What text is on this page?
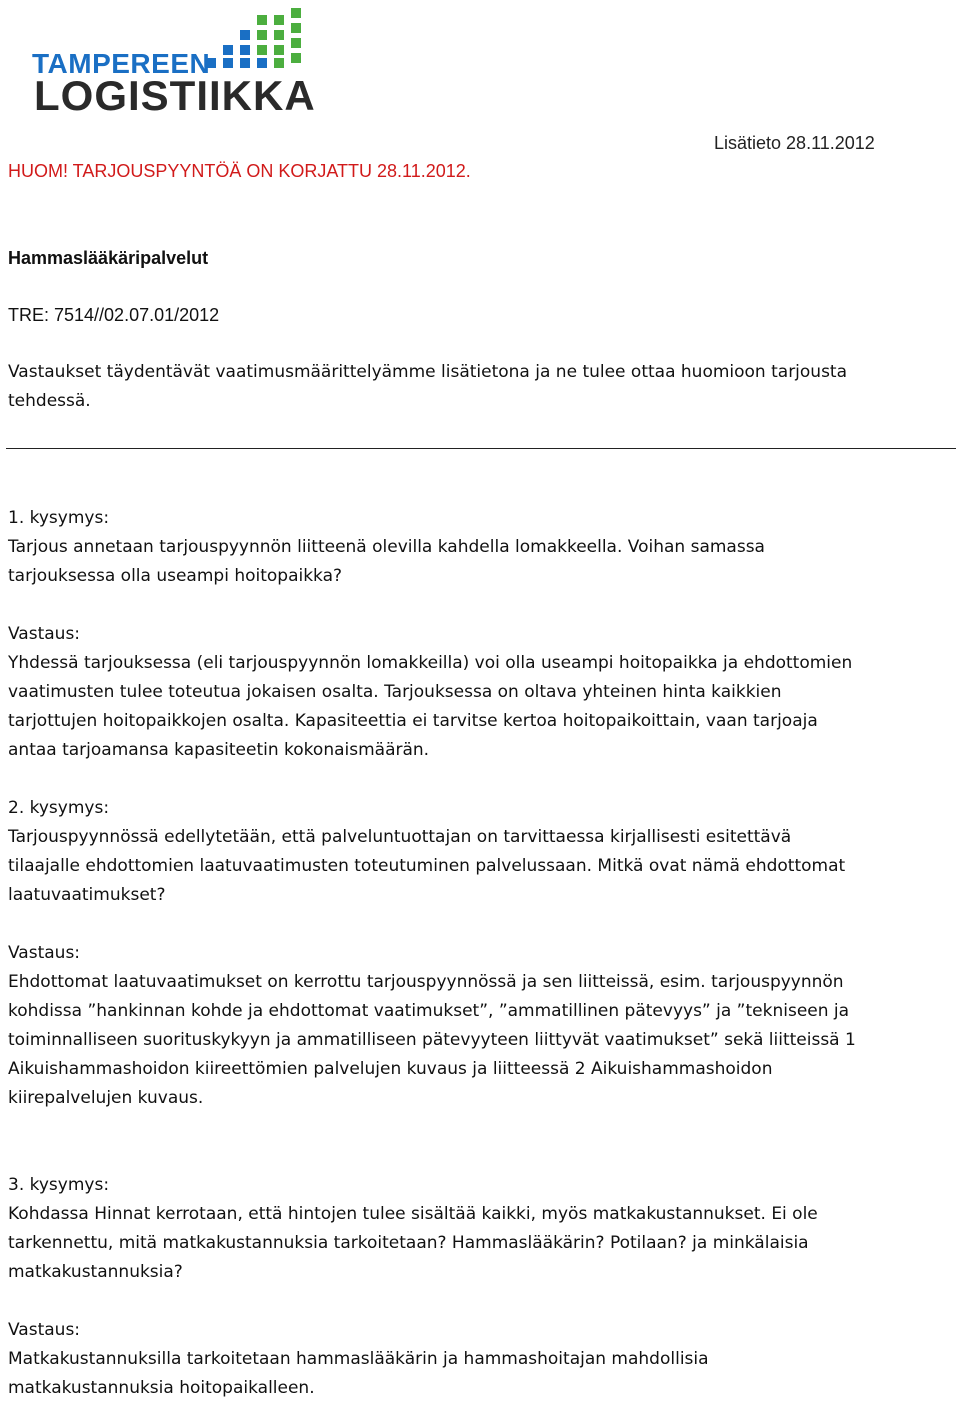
TAMPEREEN
LOGISTIIKKA
Lisätieto 28.11.2012
HUOM! TARJOUSPYYNTÖÄ ON KORJATTU 28.11.2012.
Hammaslääkäripalvelut
TRE: 7514//02.07.01/2012
Vastaukset täydentävät vaatimusmäärittelyämme lisätietona ja ne tulee ottaa huomioon tarjousta
tehdessä.
1. kysymys:
Tarjous annetaan tarjouspyynnön liitteenä olevilla kahdella lomakkeella. Voihan samassa
tarjouksessa olla useampi hoitopaikka?
Vastaus:
Yhdessä tarjouksessa (eli tarjouspyynnön lomakkeilla) voi olla useampi hoitopaikka ja ehdottomien
vaatimusten tulee toteutua jokaisen osalta. Tarjouksessa on oltava yhteinen hinta kaikkien
tarjottujen hoitopaikkojen osalta. Kapasiteettia ei tarvitse kertoa hoitopaikoittain, vaan tarjoaja
antaa tarjoamansa kapasiteetin kokonaismäärän.
2. kysymys:
Tarjouspyynnössä edellytetään, että palveluntuottajan on tarvittaessa kirjallisesti esitettävä
tilaajalle ehdottomien laatuvaatimusten toteutuminen palvelussaan. Mitkä ovat nämä ehdottomat
laatuvaatimukset?
Vastaus:
Ehdottomat laatuvaatimukset on kerrottu tarjouspyynnössä ja sen liitteissä, esim. tarjouspyynnön
kohdissa ”hankinnan kohde ja ehdottomat vaatimukset”, ”ammatillinen pätevyys” ja ”tekniseen ja
toiminnalliseen suorituskykyyn ja ammatilliseen pätevyyteen liittyvät vaatimukset” sekä liitteissä 1
Aikuishammashoidon kiireettömien palvelujen kuvaus ja liitteessä 2 Aikuishammashoidon
kiirepalvelujen kuvaus.
3. kysymys:
Kohdassa Hinnat kerrotaan, että hintojen tulee sisältää kaikki, myös matkakustannukset. Ei ole
tarkennettu, mitä matkakustannuksia tarkoitetaan? Hammaslääkärin? Potilaan? ja minkälaisia
matkakustannuksia?
Vastaus:
Matkakustannuksilla tarkoitetaan hammaslääkärin ja hammashoitajan mahdollisia
matkakustannuksia hoitopaikalleen.
